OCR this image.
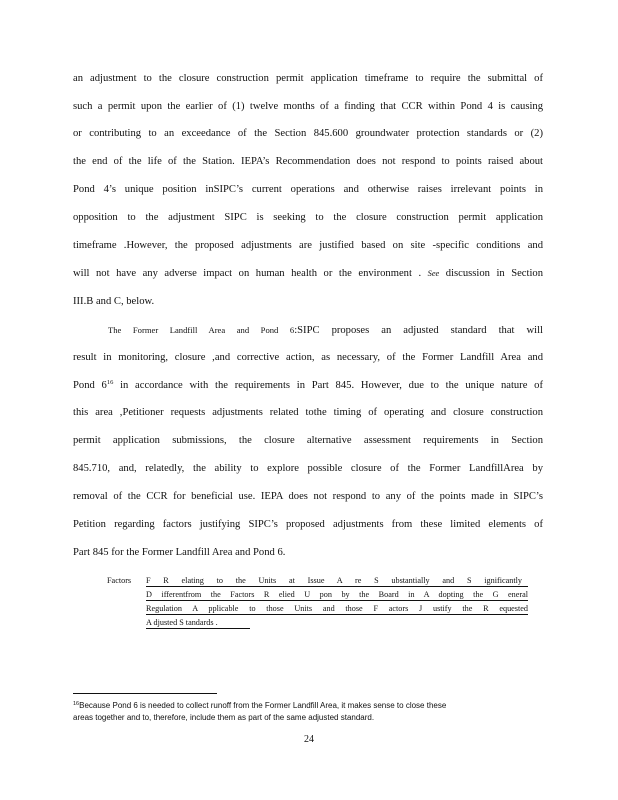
an adjustment to the closure construction permit application timeframe to require the submittal of
such a permit upon the earlier of (1) twelve months of a finding that CCR within Pond 4 is causing
or contributing to an exceedance of the Section 845.600 groundwater protection standards or (2)
the end of the life of the Station. IEPA’s Recommendation does not respond to points raised about
Pond 4’s unique position inSIPC’s current operations and otherwise raises irrelevant points in
opposition to the adjustment SIPC is seeking to the closure construction permit application
timeframe .However, the proposed adjustments are justified based on site -specific conditions and
will not have any adverse impact on human health or the environment . See discussion in Section
III.B and C, below.
The Former Landfill Area and Pond 6:SIPC proposes an adjusted standard that will
result in monitoring, closure ,and corrective action, as necessary, of the Former Landfill Area and
Pond $6^{16}$ in accordance with the requirements in Part 845. However, due to the unique nature of
this area ,Petitioner requests adjustments related tothe timing of operating and closure construction
permit application submissions, the closure alternative assessment requirements in Section
845.710, and, relatedly, the ability to explore possible closure of the Former LandfillArea by
removal of the CCR for beneficial use. IEPA does not respond to any of the points made in SIPC’s
Petition regarding factors justifying SIPC’s proposed adjustments from these limited elements of
Part 845 for the Former Landfill Area and Pond 6.
Factors	F R elating to the Units at Issue A re S ubstantially and S ignificantly
D ifferentfrom the Factors R elied U pon by the Board in A dopting the G eneral
Regulation A pplicable to those Units and those F actors J ustify the R equested
A djusted S tandards .
$^{16}$Because Pond 6 is needed to collect runoff from the Former Landfill Area, it makes sense to close these
areas together and to, therefore, include them as part of the same adjusted standard.
24
